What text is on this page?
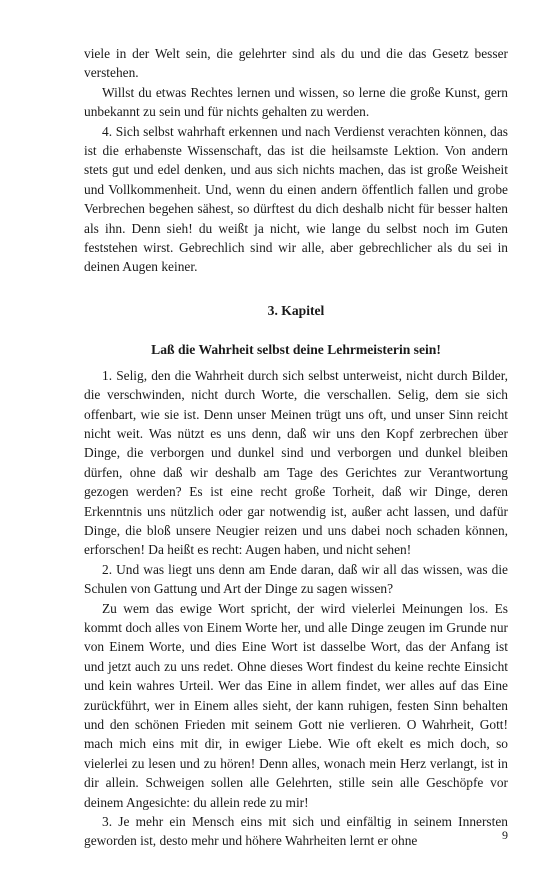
viele in der Welt sein, die gelehrter sind als du und die das Gesetz besser verstehen.

Willst du etwas Rechtes lernen und wissen, so lerne die große Kunst, gern unbekannt zu sein und für nichts gehalten zu werden.

4. Sich selbst wahrhaft erkennen und nach Verdienst verachten können, das ist die erhabenste Wissenschaft, das ist die heilsamste Lektion. Von andern stets gut und edel denken, und aus sich nichts machen, das ist große Weisheit und Vollkommenheit. Und, wenn du einen andern öffentlich fallen und grobe Verbrechen begehen sähest, so dürftest du dich deshalb nicht für besser halten als ihn. Denn sieh! du weißt ja nicht, wie lange du selbst noch im Guten feststehen wirst. Gebrechlich sind wir alle, aber gebrechlicher als du sei in deinen Augen keiner.

3. Kapitel

Laß die Wahrheit selbst deine Lehrmeisterin sein!

1. Selig, den die Wahrheit durch sich selbst unterweist, nicht durch Bilder, die verschwinden, nicht durch Worte, die verschallen. Selig, dem sie sich offenbart, wie sie ist. Denn unser Meinen trügt uns oft, und unser Sinn reicht nicht weit. Was nützt es uns denn, daß wir uns den Kopf zerbrechen über Dinge, die verborgen und dunkel sind und verborgen und dunkel bleiben dürfen, ohne daß wir deshalb am Tage des Gerichtes zur Verantwortung gezogen werden? Es ist eine recht große Torheit, daß wir Dinge, deren Erkenntnis uns nützlich oder gar notwendig ist, außer acht lassen, und dafür Dinge, die bloß unsere Neugier reizen und uns dabei noch schaden können, erforschen! Da heißt es recht: Augen haben, und nicht sehen!

2. Und was liegt uns denn am Ende daran, daß wir all das wissen, was die Schulen von Gattung und Art der Dinge zu sagen wissen?

Zu wem das ewige Wort spricht, der wird vielerlei Meinungen los. Es kommt doch alles von Einem Worte her, und alle Dinge zeugen im Grunde nur von Einem Worte, und dies Eine Wort ist dasselbe Wort, das der Anfang ist und jetzt auch zu uns redet. Ohne dieses Wort findest du keine rechte Einsicht und kein wahres Urteil. Wer das Eine in allem findet, wer alles auf das Eine zurückführt, wer in Einem alles sieht, der kann ruhigen, festen Sinn behalten und den schönen Frieden mit seinem Gott nie verlieren. O Wahrheit, Gott! mach mich eins mit dir, in ewiger Liebe. Wie oft ekelt es mich doch, so vielerlei zu lesen und zu hören! Denn alles, wonach mein Herz verlangt, ist in dir allein. Schweigen sollen alle Gelehrten, stille sein alle Geschöpfe vor deinem Angesichte: du allein rede zu mir!

3. Je mehr ein Mensch eins mit sich und einfältig in seinem Innersten geworden ist, desto mehr und höhere Wahrheiten lernt er ohne	9
